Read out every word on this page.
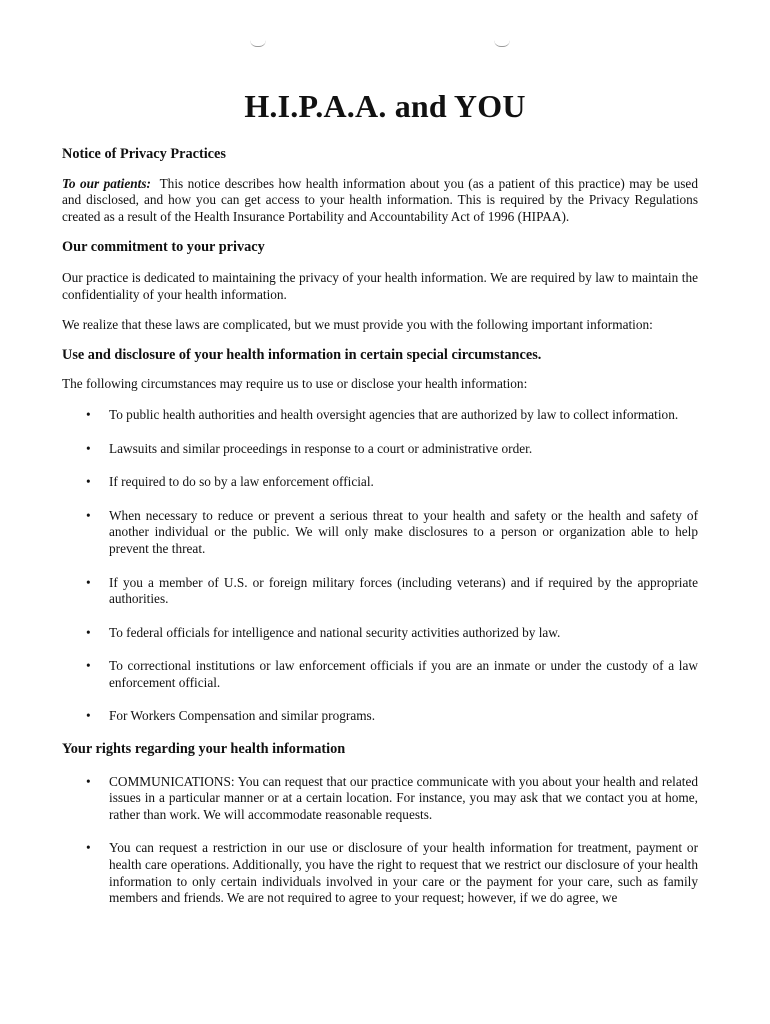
H.I.P.A.A. and YOU

Notice of Privacy Practices

To our patients: This notice describes how health information about you (as a patient of this practice) may be used and disclosed, and how you can get access to your health information. This is required by the Privacy Regulations created as a result of the Health Insurance Portability and Accountability Act of 1996 (HIPAA).

Our commitment to your privacy

Our practice is dedicated to maintaining the privacy of your health information. We are required by law to maintain the confidentiality of your health information.

We realize that these laws are complicated, but we must provide you with the following important information:

Use and disclosure of your health information in certain special circumstances.

The following circumstances may require us to use or disclose your health information:

• To public health authorities and health oversight agencies that are authorized by law to collect information.
• Lawsuits and similar proceedings in response to a court or administrative order.
• If required to do so by a law enforcement official.
• When necessary to reduce or prevent a serious threat to your health and safety or the health and safety of another individual or the public. We will only make disclosures to a person or organization able to help prevent the threat.
• If you a member of U.S. or foreign military forces (including veterans) and if required by the appropriate authorities.
• To federal officials for intelligence and national security activities authorized by law.
• To correctional institutions or law enforcement officials if you are an inmate or under the custody of a law enforcement official.
• For Workers Compensation and similar programs.

Your rights regarding your health information

• COMMUNICATIONS: You can request that our practice communicate with you about your health and related issues in a particular manner or at a certain location. For instance, you may ask that we contact you at home, rather than work. We will accommodate reasonable requests.
• You can request a restriction in our use or disclosure of your health information for treatment, payment or health care operations. Additionally, you have the right to request that we restrict our disclosure of your health information to only certain individuals involved in your care or the payment for your care, such as family members and friends. We are not required to agree to your request; however, if we do agree, we
